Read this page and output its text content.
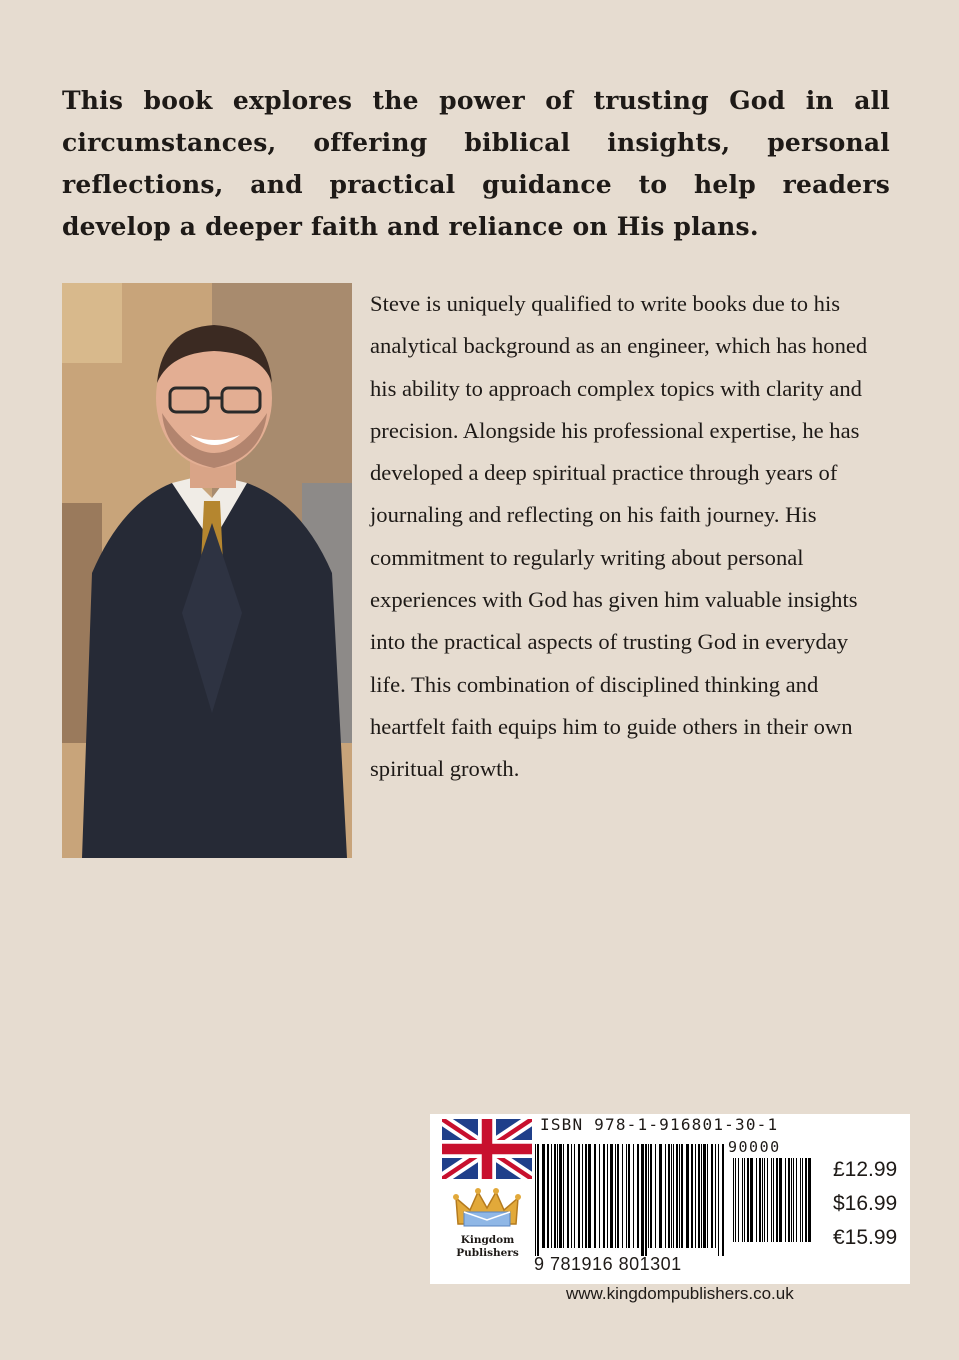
This book explores the power of trusting God in all circumstances, offering biblical insights, personal reflections, and practical guidance to help readers develop a deeper faith and reliance on His plans.

Steve is uniquely qualified to write books due to his analytical background as an engineer, which has honed his ability to approach complex topics with clarity and precision. Alongside his professional expertise, he has developed a deep spiritual practice through years of journaling and reflecting on his faith journey. His commitment to regularly writing about personal experiences with God has given him valuable insights into the practical aspects of trusting God in everyday life. This combination of disciplined thinking and heartfelt faith equips him to guide others in their own spiritual growth.

Kingdom
Publishers
ISBN 978-1-916801-30-1
90000
9 781916 801301
£12.99
$16.99
€15.99
www.kingdompublishers.co.uk
